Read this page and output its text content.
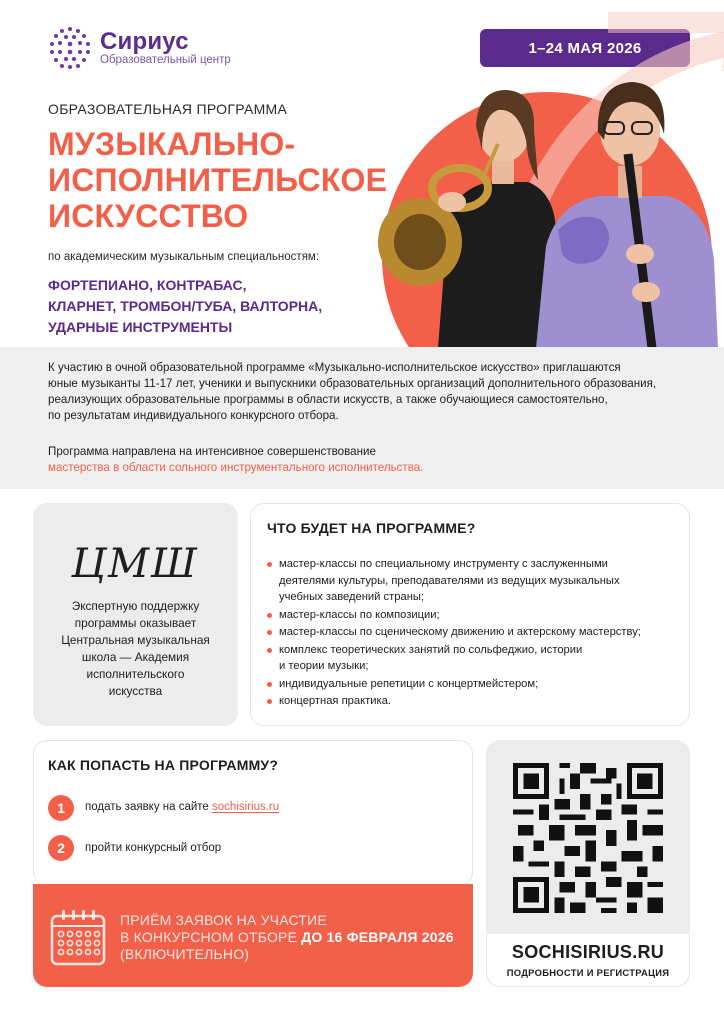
Сириус
Образовательный центр
1–24 МАЯ 2026
ОБРАЗОВАТЕЛЬНАЯ ПРОГРАММА
МУЗЫКАЛЬНО-
ИСПОЛНИТЕЛЬСКОЕ
ИСКУССТВО
по академическим музыкальным специальностям:
ФОРТЕПИАНО, КОНТРАБАС,
КЛАРНЕТ, ТРОМБОН/ТУБА, ВАЛТОРНА,
УДАРНЫЕ ИНСТРУМЕНТЫ
К участию в очной образовательной программе «Музыкально-исполнительское искусство» приглашаются
юные музыканты 11-17 лет, ученики и выпускники образовательных организаций дополнительного образования,
реализующих образовательные программы в области искусств, а также обучающиеся самостоятельно,
по результатам индивидуального конкурсного отбора.
Программа направлена на интенсивное совершенствование
мастерства в области сольного инструментального исполнительства.
ЦМШ
Экспертную поддержку
программы оказывает
Центральная музыкальная
школа — Академия
исполнительского
искусства
ЧТО БУДЕТ НА ПРОГРАММЕ?
мастер-классы по специальному инструменту с заслуженными
деятелями культуры, преподавателями из ведущих музыкальных
учебных заведений страны;
мастер-классы по композиции;
мастер-классы по сценическому движению и актерскому мастерству;
комплекс теоретических занятий по сольфеджио, истории
и теории музыки;
индивидуальные репетиции с концертмейстером;
концертная практика.
КАК ПОПАСТЬ НА ПРОГРАММУ?
1	подать заявку на сайте sochisirius.ru
2	пройти конкурсный отбор
ПРИЁМ ЗАЯВОК НА УЧАСТИЕ
В КОНКУРСНОМ ОТБОРЕ ДО 16 ФЕВРАЛЯ 2026
(ВКЛЮЧИТЕЛЬНО)	SOCHISIRIUS.RU
ПОДРОБНОСТИ И РЕГИСТРАЦИЯ
